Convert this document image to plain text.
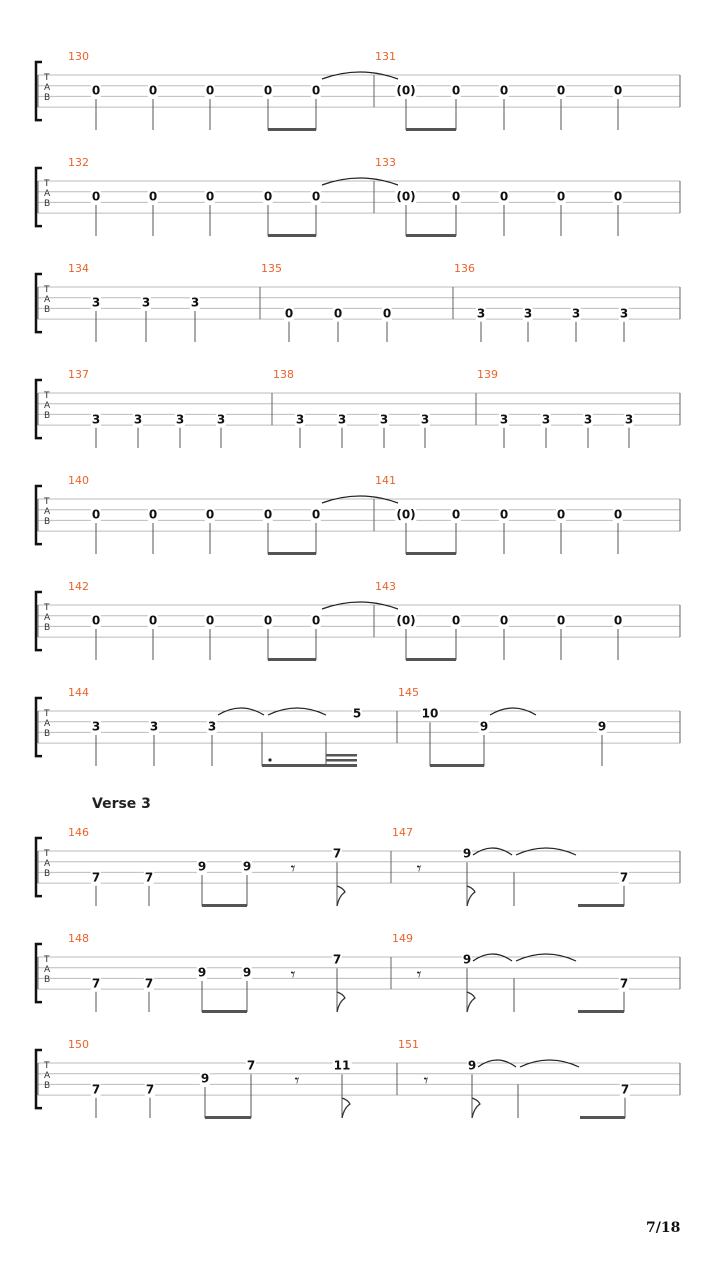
Verse 3
7/18
T
A
B
130
0	0	0	0	0
131
(0)	0	0	0	0
T
A
B
132
0	0	0	0	0
133
(0)	0	0	0	0
T
A
B
134
3	3	3
135
0	0	0
136
3	3	3	3
T
A
B
137
3	3	3	3
138
3	3	3	3
139
3	3	3	3
T
A
B
140
0	0	0	0	0
141
(0)	0	0	0	0
T
A
B
142
0	0	0	0	0
143
(0)	0	0	0	0
T
A
B
144
3	3	3
5
145
10
9	9
T
A
B
146
7	7
9	9
7
147
9
7
𝄾	𝄾
T
A
B
148
7	7
9	9
7
149
9
7
𝄾	𝄾
T
A
B
150
7	7
9
7	11
151
9
7
𝄾	𝄾
